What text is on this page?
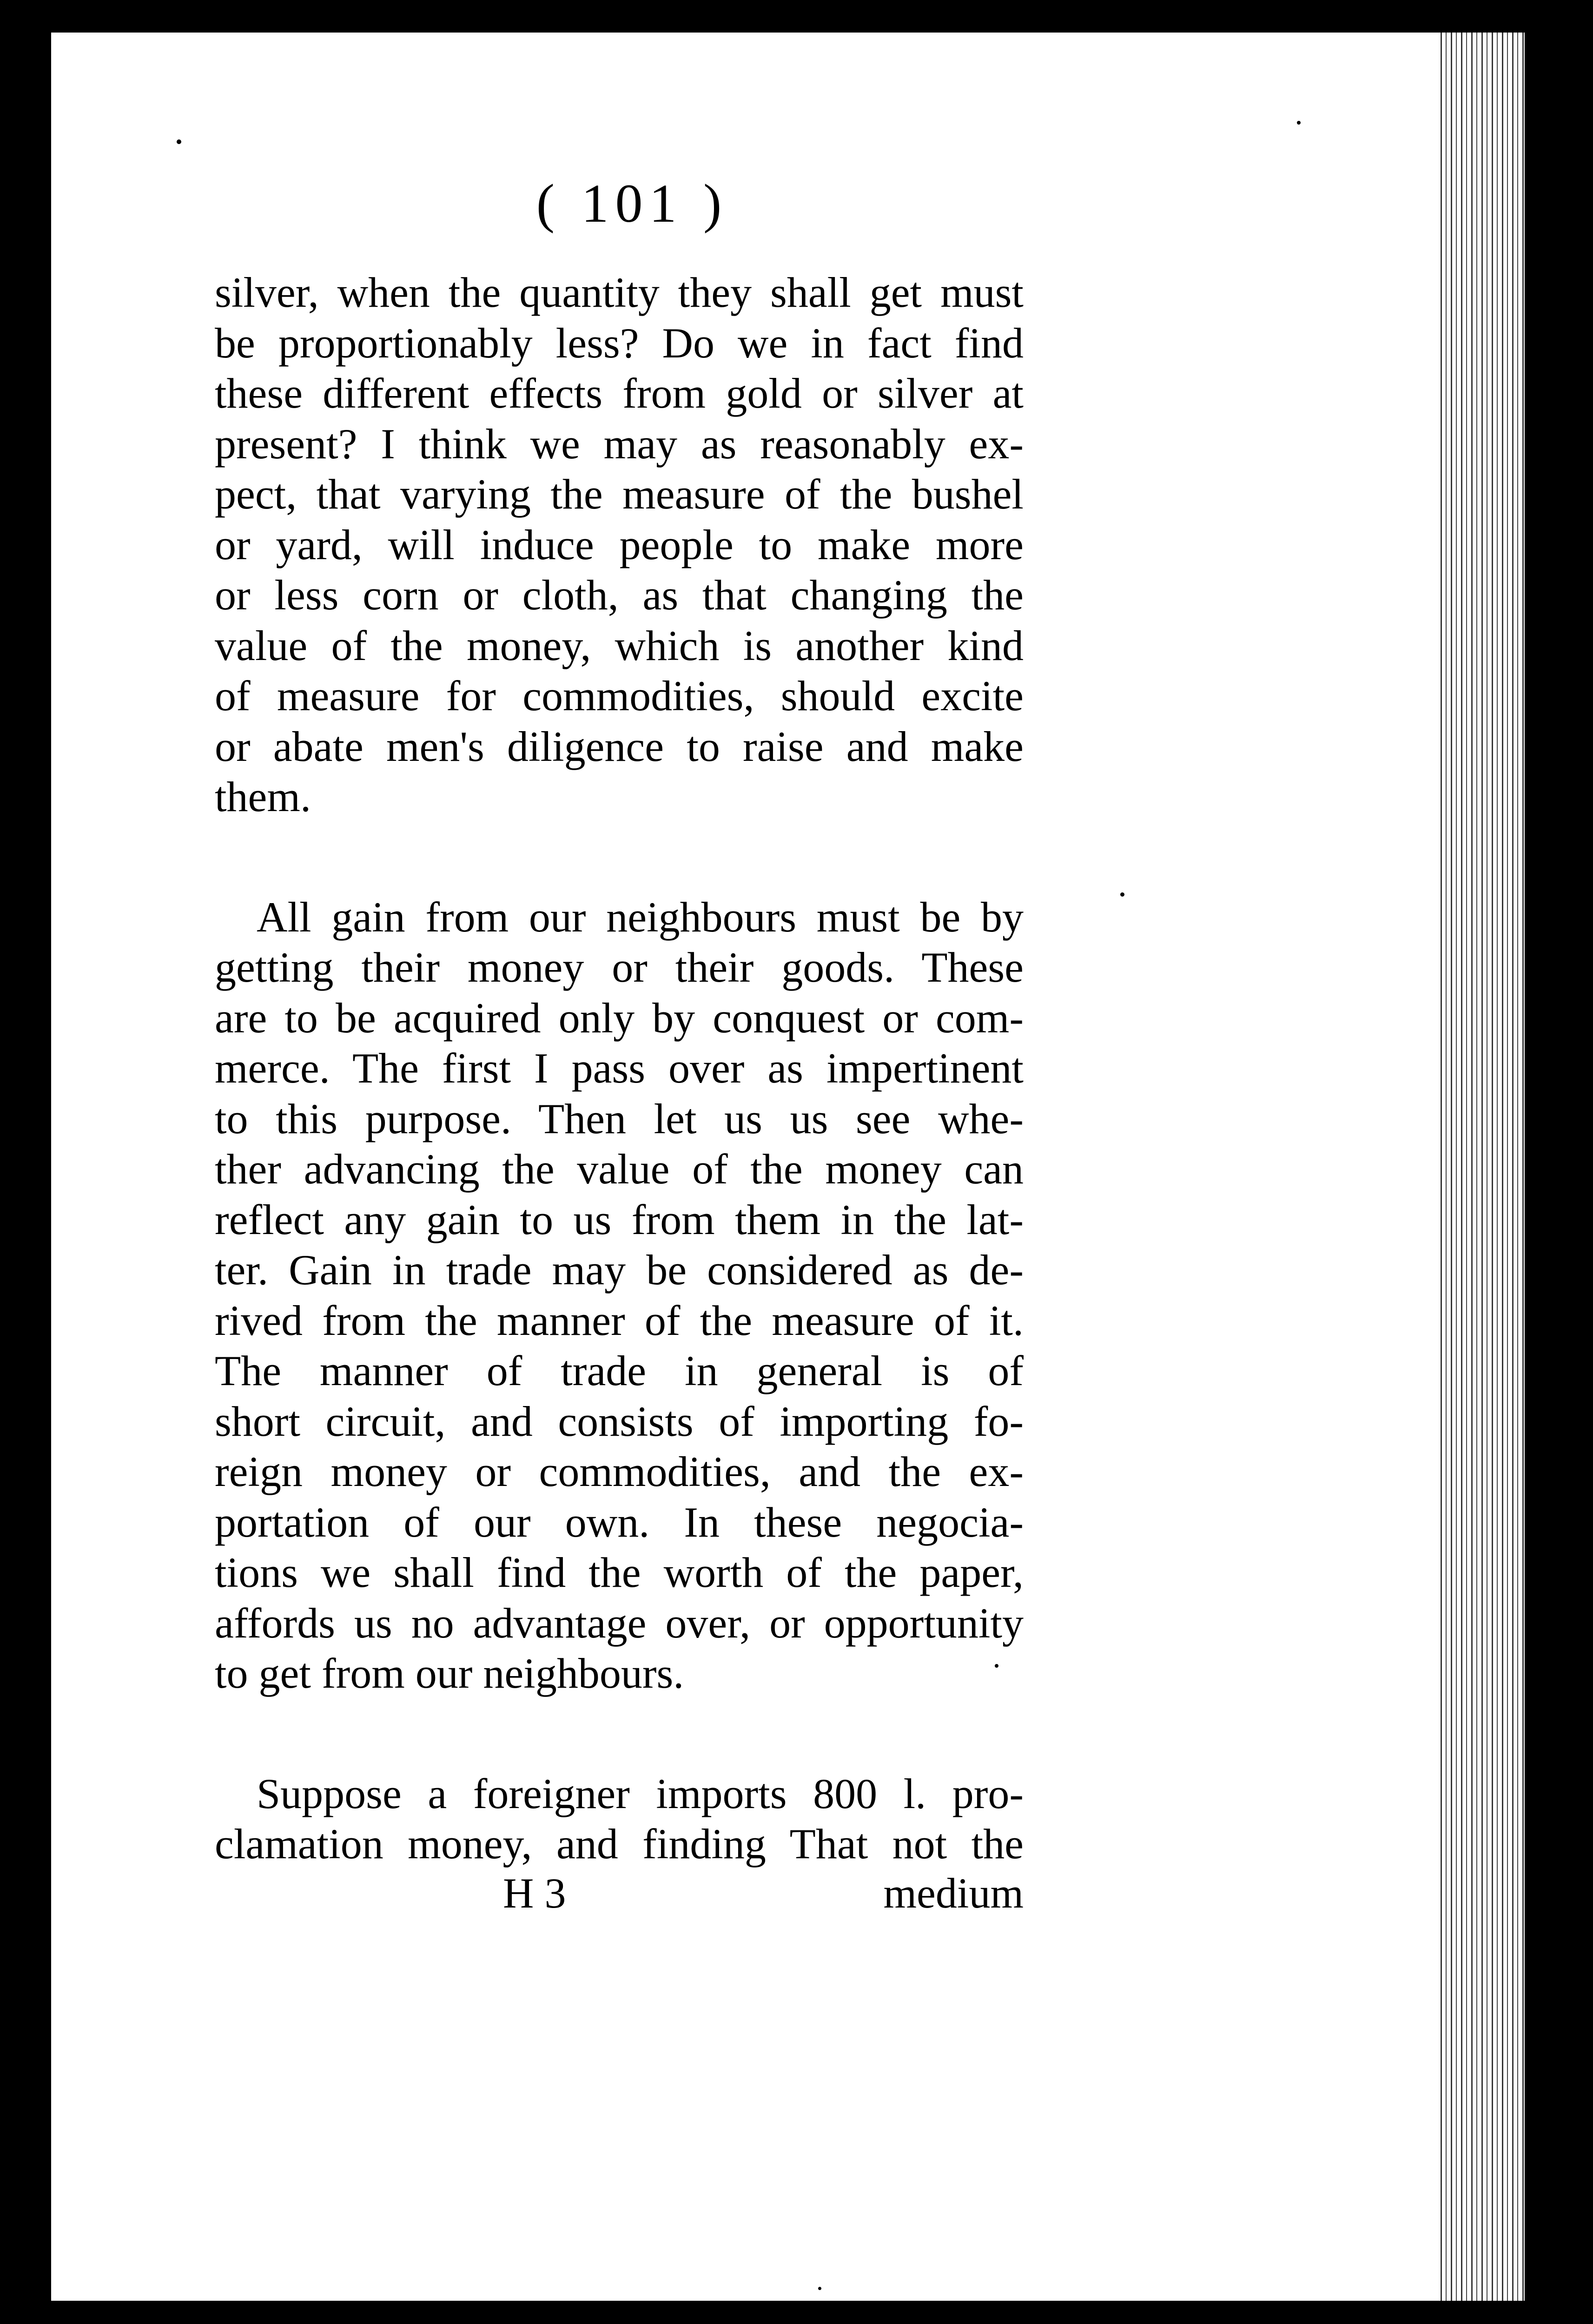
( 101 )
silver, when the quantity they shall get must
be proportionably less? Do we in fact find
these different effects from gold or silver at
present? I think we may as reasonably ex-
pect, that varying the measure of the bushel
or yard, will induce people to make more
or less corn or cloth, as that changing the
value of the money, which is another kind
of measure for commodities, should excite
or abate men's diligence to raise and make
them.
All gain from our neighbours must be by
getting their money or their goods. These
are to be acquired only by conquest or com-
merce. The first I pass over as impertinent
to this purpose. Then let us us see whe-
ther advancing the value of the money can
reflect any gain to us from them in the lat-
ter. Gain in trade may be considered as de-
rived from the manner of the measure of it.
The manner of trade in general is of
short circuit, and consists of importing fo-
reign money or commodities, and the ex-
portation of our own. In these negocia-
tions we shall find the worth of the paper,
affords us no advantage over, or opportunity
to get from our neighbours.
Suppose a foreigner imports 800 l. pro-
clamation money, and finding That not the
H 3	medium
